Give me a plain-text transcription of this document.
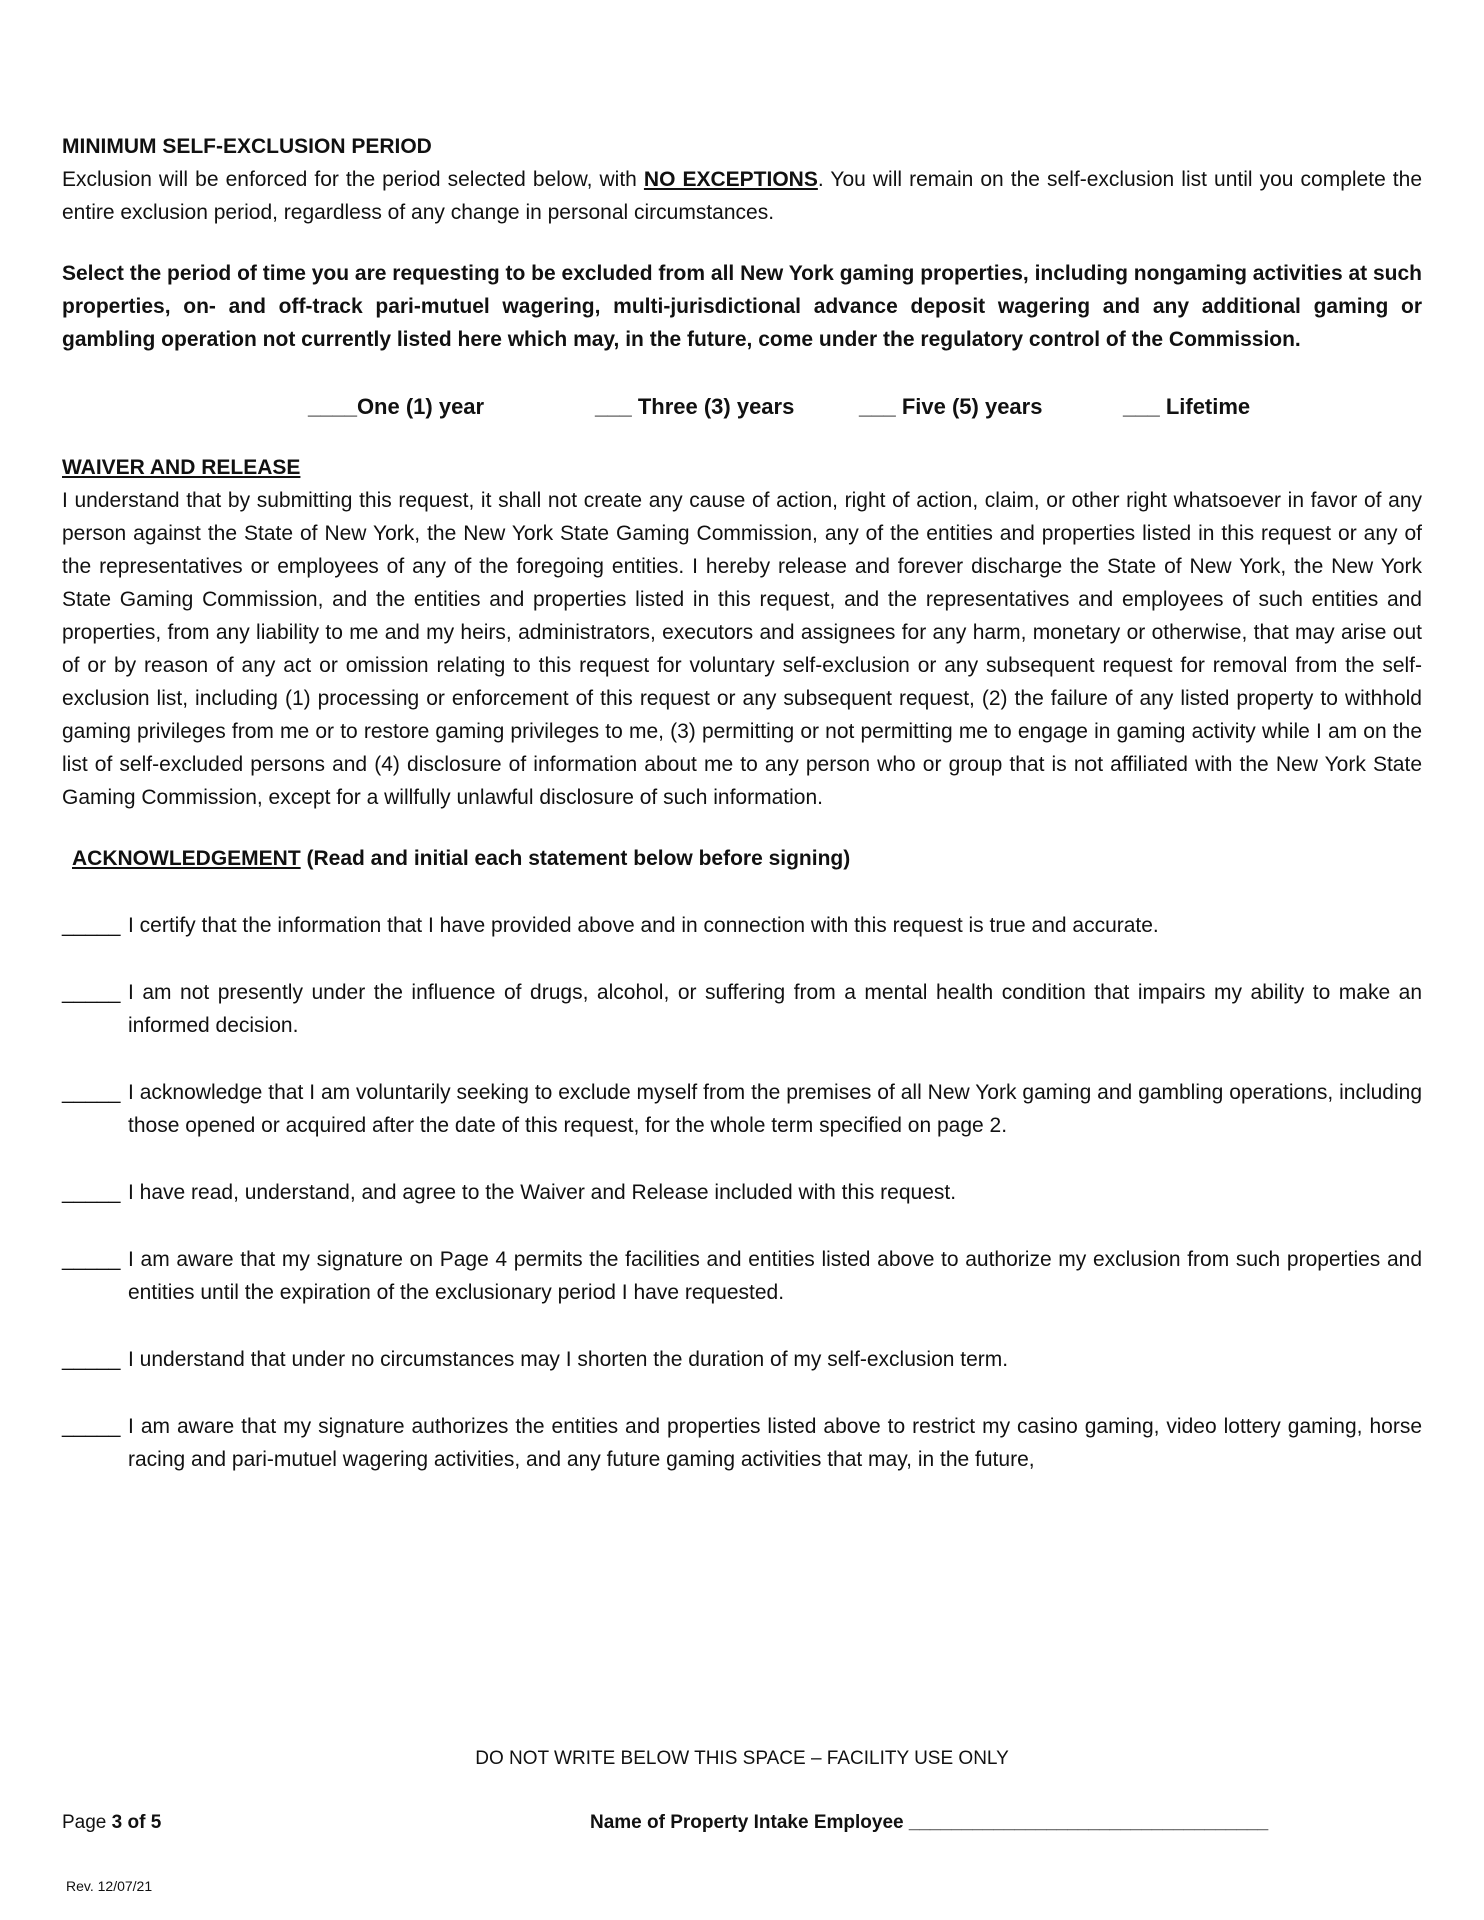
MINIMUM SELF-EXCLUSION PERIOD

Exclusion will be enforced for the period selected below, with NO EXCEPTIONS. You will remain on the self-exclusion list until you complete the entire exclusion period, regardless of any change in personal circumstances.

Select the period of time you are requesting to be excluded from all New York gaming properties, including nongaming activities at such properties, on- and off-track pari-mutuel wagering, multi-jurisdictional advance deposit wagering and any additional gaming or gambling operation not currently listed here which may, in the future, come under the regulatory control of the Commission.

____One (1) year	___ Three (3) years	___ Five (5) years	___ Lifetime

WAIVER AND RELEASE

I understand that by submitting this request, it shall not create any cause of action, right of action, claim, or other right whatsoever in favor of any person against the State of New York, the New York State Gaming Commission, any of the entities and properties listed in this request or any of the representatives or employees of any of the foregoing entities. I hereby release and forever discharge the State of New York, the New York State Gaming Commission, and the entities and properties listed in this request, and the representatives and employees of such entities and properties, from any liability to me and my heirs, administrators, executors and assignees for any harm, monetary or otherwise, that may arise out of or by reason of any act or omission relating to this request for voluntary self-exclusion or any subsequent request for removal from the self-exclusion list, including (1) processing or enforcement of this request or any subsequent request, (2) the failure of any listed property to withhold gaming privileges from me or to restore gaming privileges to me, (3) permitting or not permitting me to engage in gaming activity while I am on the list of self-excluded persons and (4) disclosure of information about me to any person who or group that is not affiliated with the New York State Gaming Commission, except for a willfully unlawful disclosure of such information.

ACKNOWLEDGEMENT (Read and initial each statement below before signing)

_____ I certify that the information that I have provided above and in connection with this request is true and accurate.

_____ I am not presently under the influence of drugs, alcohol, or suffering from a mental health condition that impairs my ability to make an informed decision.

_____ I acknowledge that I am voluntarily seeking to exclude myself from the premises of all New York gaming and gambling operations, including those opened or acquired after the date of this request, for the whole term specified on page 2.

_____ I have read, understand, and agree to the Waiver and Release included with this request.

_____ I am aware that my signature on Page 4 permits the facilities and entities listed above to authorize my exclusion from such properties and entities until the expiration of the exclusionary period I have requested.

_____ I understand that under no circumstances may I shorten the duration of my self-exclusion term.

_____ I am aware that my signature authorizes the entities and properties listed above to restrict my casino gaming, video lottery gaming, horse racing and pari-mutuel wagering activities, and any future gaming activities that may, in the future,

DO NOT WRITE BELOW THIS SPACE – FACILITY USE ONLY
Page 3 of 5	Name of Property Intake Employee __________________________________
Rev. 12/07/21
